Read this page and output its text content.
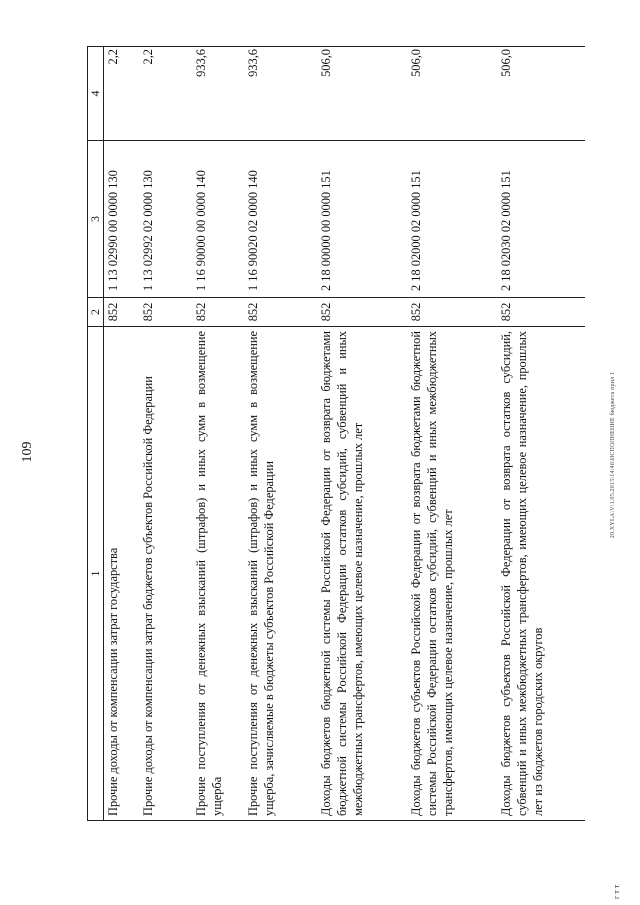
109
1	2	3	4
Прочие доходы от компенсации затрат государства	852	1 13 02990 00 0000 130	2,2
Прочие доходы от компенсации затрат бюджетов субъектов Российской Федерации	852	1 13 02992 02 0000 130	2,2
Прочие поступления от денежных взысканий (штрафов) и иных сумм в возмещение ущерба	852	1 16 90000 00 0000 140	933,6
Прочие поступления от денежных взысканий (штрафов) и иных сумм в возмещение ущерба, зачисляемые в бюджеты субъектов Российской Федерации	852	1 16 90020 02 0000 140	933,6
Доходы бюджетов бюджетной системы Российской Федерации от возврата бюджетами бюджетной системы Российской Федерации остатков субсидий, субвенций и иных межбюджетных трансфертов, имеющих целевое назначение, прошлых лет	852	2 18 00000 00 0000 151	506,0
Доходы бюджетов субъектов Российской Федерации от возврата бюджетами бюджетной системы Российской Федерации остатков субсидий, субвенций и иных межбюджетных трансфертов, имеющих целевое назначение, прошлых лет	852	2 18 02000 02 0000 151	506,0
Доходы бюджетов субъектов Российской Федерации от возврата остатков субсидий, субвенций и иных межбюджетных трансфертов, имеющих целевое назначение, прошлых лет из бюджетов городских округов	852	2 18 02030 02 0000 151	506,0
20.XYLA\V\1.05.2015\14:46\ИСПОЛНЕНИЕ бюджета прил 1
г т т
